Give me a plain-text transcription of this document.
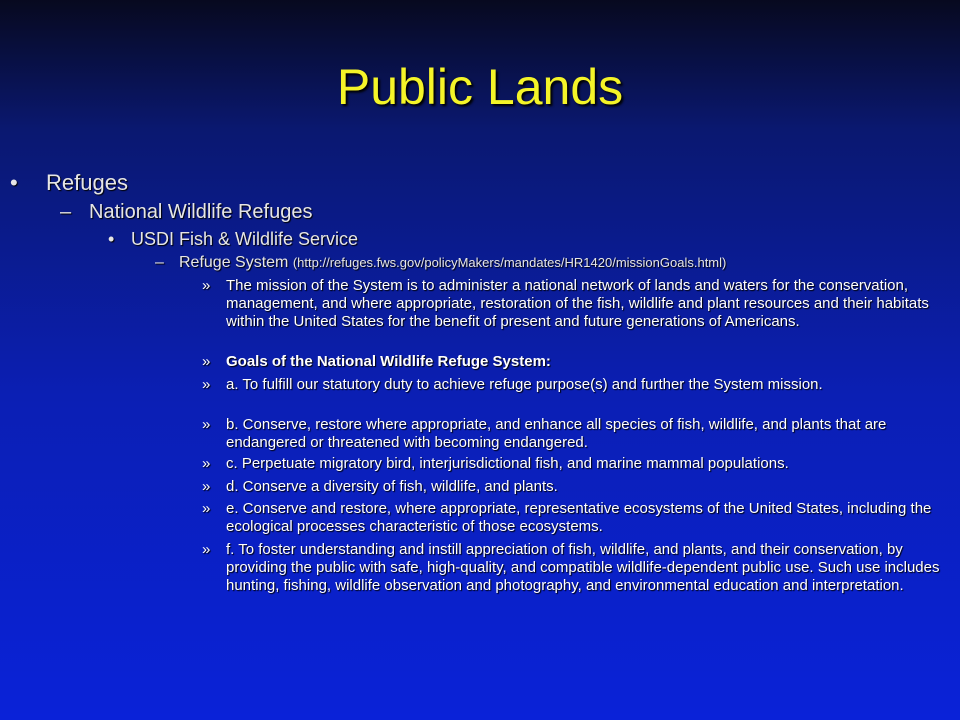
Public Lands
• Refuges
– National Wildlife Refuges
• USDI Fish & Wildlife Service
– Refuge System (http://refuges.fws.gov/policyMakers/mandates/HR1420/missionGoals.html)
» The mission of the System is to administer a national network of lands and waters for the conservation, management, and where appropriate, restoration of the fish, wildlife and plant resources and their habitats within the United States for the benefit of present and future generations of Americans.
» Goals of the National Wildlife Refuge System:
» a. To fulfill our statutory duty to achieve refuge purpose(s) and further the System mission.
» b. Conserve, restore where appropriate, and enhance all species of fish, wildlife, and plants that are endangered or threatened with becoming endangered.
» c. Perpetuate migratory bird, interjurisdictional fish, and marine mammal populations.
» d. Conserve a diversity of fish, wildlife, and plants.
» e. Conserve and restore, where appropriate, representative ecosystems of the United States, including the ecological processes characteristic of those ecosystems.
» f. To foster understanding and instill appreciation of fish, wildlife, and plants, and their conservation, by providing the public with safe, high-quality, and compatible wildlife-dependent public use. Such use includes hunting, fishing, wildlife observation and photography, and environmental education and interpretation.
